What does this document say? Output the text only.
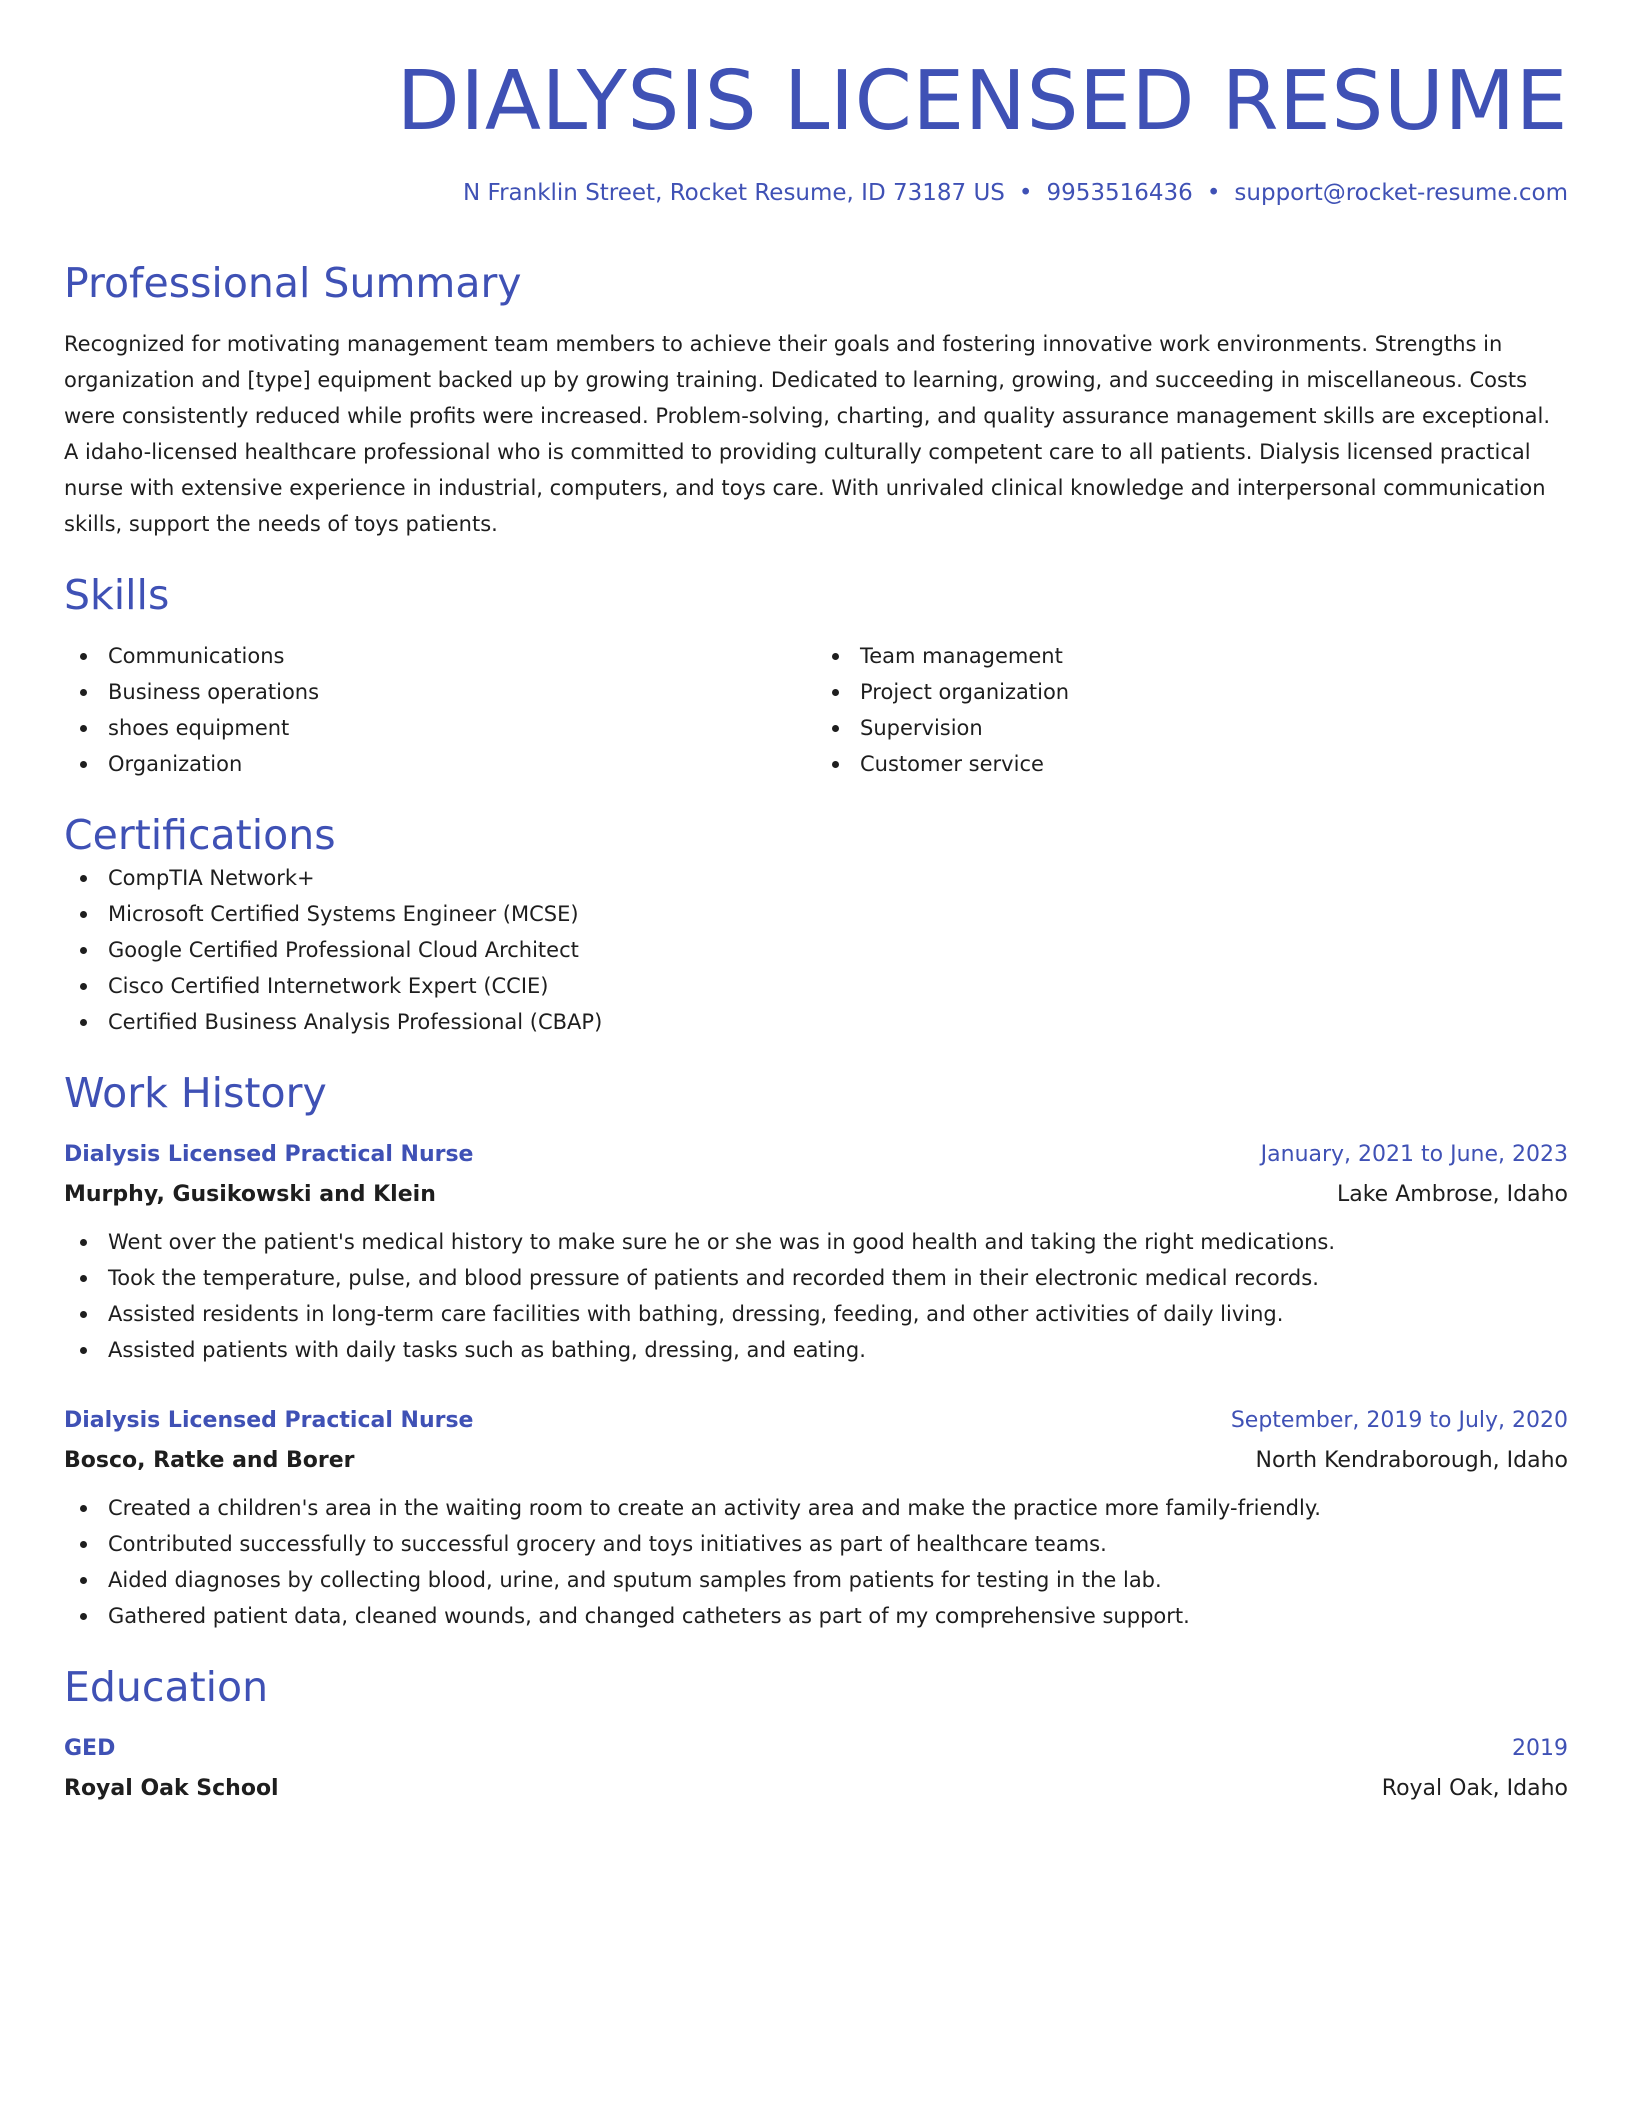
DIALYSIS LICENSED RESUME
N Franklin Street, Rocket Resume, ID 73187 US • 9953516436 • support@rocket-resume.com
Professional Summary

Recognized for motivating management team members to achieve their goals and fostering innovative work environments. Strengths in organization and [type] equipment backed up by growing training. Dedicated to learning, growing, and succeeding in miscellaneous. Costs were consistently reduced while profits were increased. Problem-solving, charting, and quality assurance management skills are exceptional. A idaho-licensed healthcare professional who is committed to providing culturally competent care to all patients. Dialysis licensed practical nurse with extensive experience in industrial, computers, and toys care. With unrivaled clinical knowledge and interpersonal communication skills, support the needs of toys patients.

Skills
Communications
Business operations
shoes equipment
Organization
Team management
Project organization
Supervision
Customer service
Certifications
CompTIA Network+
Microsoft Certified Systems Engineer (MCSE)
Google Certified Professional Cloud Architect
Cisco Certified Internetwork Expert (CCIE)
Certified Business Analysis Professional (CBAP)
Work History
Dialysis Licensed Practical Nurse	January, 2021 to June, 2023
Murphy, Gusikowski and Klein	Lake Ambrose, Idaho
Went over the patient's medical history to make sure he or she was in good health and taking the right medications.
Took the temperature, pulse, and blood pressure of patients and recorded them in their electronic medical records.
Assisted residents in long-term care facilities with bathing, dressing, feeding, and other activities of daily living.
Assisted patients with daily tasks such as bathing, dressing, and eating.
Dialysis Licensed Practical Nurse	September, 2019 to July, 2020
Bosco, Ratke and Borer	North Kendraborough, Idaho
Created a children's area in the waiting room to create an activity area and make the practice more family-friendly.
Contributed successfully to successful grocery and toys initiatives as part of healthcare teams.
Aided diagnoses by collecting blood, urine, and sputum samples from patients for testing in the lab.
Gathered patient data, cleaned wounds, and changed catheters as part of my comprehensive support.
Education
GED	2019
Royal Oak School	Royal Oak, Idaho
